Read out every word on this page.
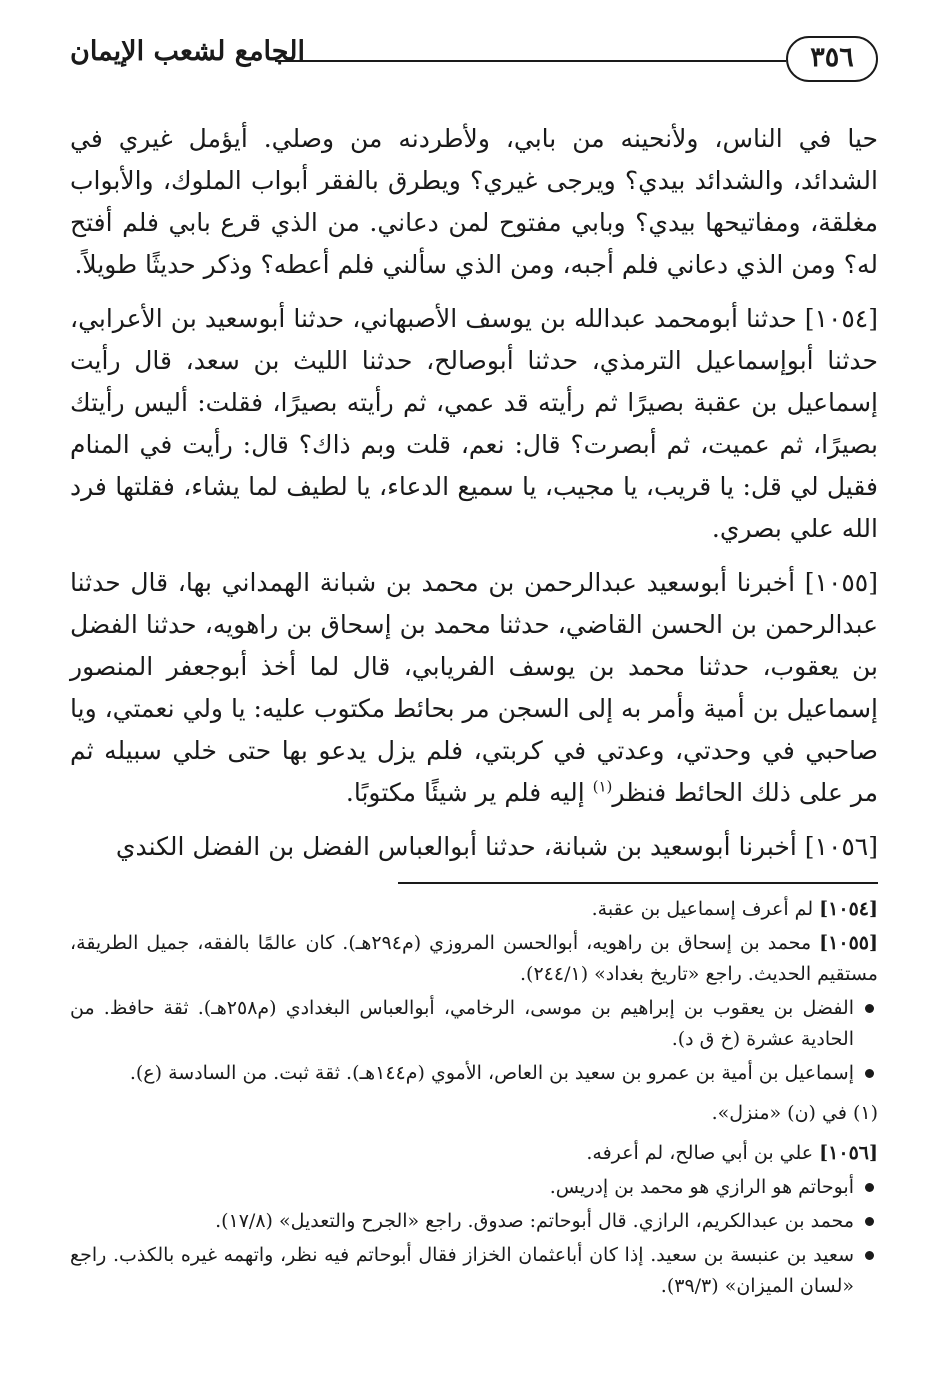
٣٥٦
الجامع لشعب الإيمان

حيا في الناس، ولأنحينه من بابي، ولأطردنه من وصلي. أيؤمل غيري في الشدائد، والشدائد بيدي؟ ويرجى غيري؟ ويطرق بالفقر أبواب الملوك، والأبواب مغلقة، ومفاتيحها بيدي؟ وبابي مفتوح لمن دعاني. من الذي قرع بابي فلم أفتح له؟ ومن الذي دعاني فلم أجبه، ومن الذي سألني فلم أعطه؟ وذكر حديثًا طويلاً.

[١٠٥٤] حدثنا أبومحمد عبدالله بن يوسف الأصبهاني، حدثنا أبوسعيد بن الأعرابي، حدثنا أبوإسماعيل الترمذي، حدثنا أبوصالح، حدثنا الليث بن سعد، قال رأيت إسماعيل بن عقبة بصيرًا ثم رأيته قد عمي، ثم رأيته بصيرًا، فقلت: أليس رأيتك بصيرًا، ثم عميت، ثم أبصرت؟ قال: نعم، قلت وبم ذاك؟ قال: رأيت في المنام فقيل لي قل: يا قريب، يا مجيب، يا سميع الدعاء، يا لطيف لما يشاء، فقلتها فرد الله علي بصري.

[١٠٥٥] أخبرنا أبوسعيد عبدالرحمن بن محمد بن شبانة الهمداني بها، قال حدثنا عبدالرحمن بن الحسن القاضي، حدثنا محمد بن إسحاق بن راهويه، حدثنا الفضل بن يعقوب، حدثنا محمد بن يوسف الفريابي، قال لما أخذ أبوجعفر المنصور إسماعيل بن أمية وأمر به إلى السجن مر بحائط مكتوب عليه: يا ولي نعمتي، ويا صاحبي في وحدتي، وعدتي في كربتي، فلم يزل يدعو بها حتى خلي سبيله ثم مر على ذلك الحائط فنظر$^{(١)}$ إليه فلم ير شيئًا مكتوبًا.

[١٠٥٦] أخبرنا أبوسعيد بن شبانة، حدثنا أبوالعباس الفضل بن الفضل الكندي

[١٠٥٤] لم أعرف إسماعيل بن عقبة.

[١٠٥٥] محمد بن إسحاق بن راهويه، أبوالحسن المروزي (م٢٩٤هـ). كان عالمًا بالفقه، جميل الطريقة، مستقيم الحديث. راجع «تاريخ بغداد» (٢٤٤/١).

الفضل بن يعقوب بن إبراهيم بن موسى، الرخامي، أبوالعباس البغدادي (م٢٥٨هـ). ثقة حافظ. من الحادية عشرة (خ ق د).

إسماعيل بن أمية بن عمرو بن سعيد بن العاص، الأموي (م١٤٤هـ). ثقة ثبت. من السادسة (ع).

(١) في (ن) «منزل».

[١٠٥٦] علي بن أبي صالح، لم أعرفه.

أبوحاتم هو الرازي هو محمد بن إدريس.

محمد بن عبدالكريم، الرازي. قال أبوحاتم: صدوق. راجع «الجرح والتعديل» (١٧/٨).

سعيد بن عنبسة بن سعيد. إذا كان أباعثمان الخزاز فقال أبوحاتم فيه نظر، واتهمه غيره بالكذب. راجع «لسان الميزان» (٣٩/٣).
